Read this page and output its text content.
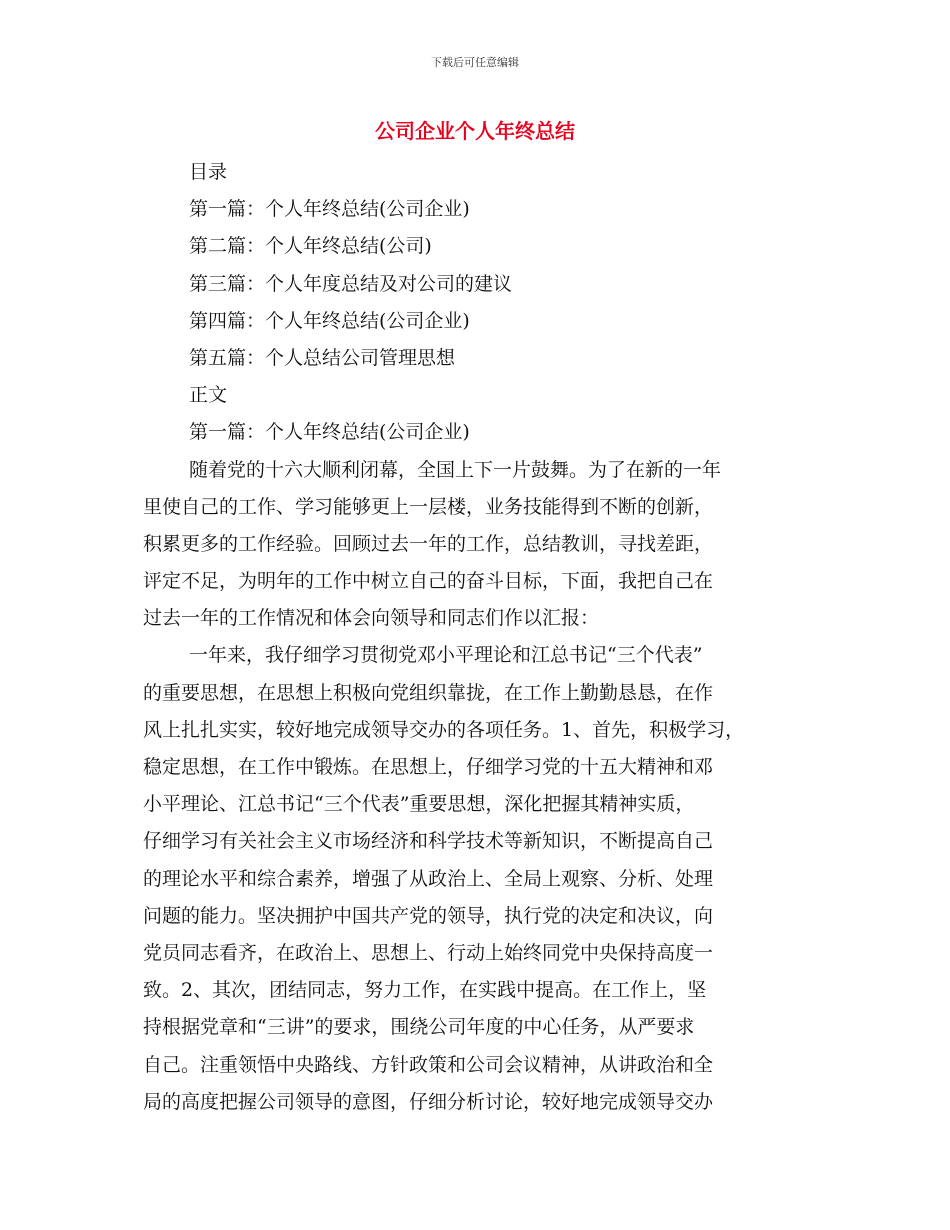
下载后可任意编辑
公司企业个人年终总结
目录
第一篇：个人年终总结(公司企业)
第二篇：个人年终总结(公司)
第三篇：个人年度总结及对公司的建议
第四篇：个人年终总结(公司企业)
第五篇：个人总结公司管理思想
正文
第一篇：个人年终总结(公司企业)
随着党的十六大顺利闭幕，全国上下一片鼓舞。为了在新的一年
里使自己的工作、学习能够更上一层楼，业务技能得到不断的创新，
积累更多的工作经验。回顾过去一年的工作，总结教训，寻找差距，
评定不足，为明年的工作中树立自己的奋斗目标，下面，我把自己在
过去一年的工作情况和体会向领导和同志们作以汇报：
一年来，我仔细学习贯彻党邓小平理论和江总书记“三个代表”
的重要思想，在思想上积极向党组织靠拢，在工作上勤勤恳恳，在作
风上扎扎实实，较好地完成领导交办的各项任务。1、首先，积极学习，
稳定思想，在工作中锻炼。在思想上，仔细学习党的十五大精神和邓
小平理论、江总书记“三个代表”重要思想，深化把握其精神实质，
仔细学习有关社会主义市场经济和科学技术等新知识，不断提高自己
的理论水平和综合素养，增强了从政治上、全局上观察、分析、处理
问题的能力。坚决拥护中国共产党的领导，执行党的决定和决议，向
党员同志看齐，在政治上、思想上、行动上始终同党中央保持高度一
致。2、其次，团结同志，努力工作，在实践中提高。在工作上，坚
持根据党章和“三讲”的要求，围绕公司年度的中心任务，从严要求
自己。注重领悟中央路线、方针政策和公司会议精神，从讲政治和全
局的高度把握公司领导的意图，仔细分析讨论，较好地完成领导交办
